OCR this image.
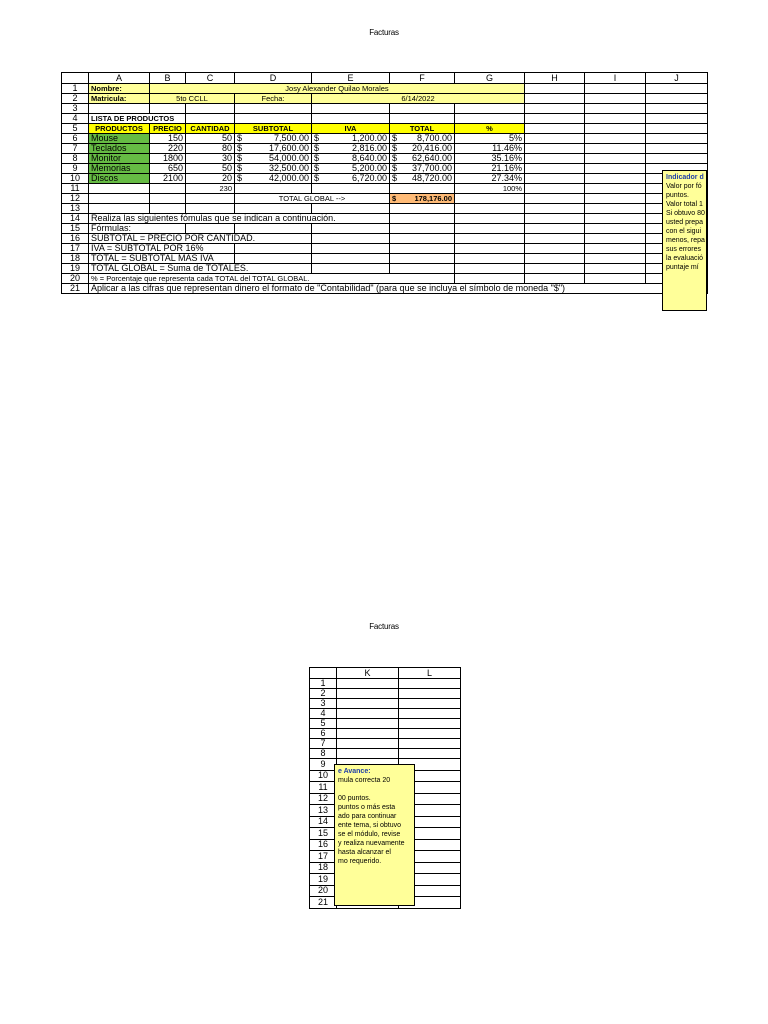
Facturas
	A	B	C	D	E	F	G	H	I	J
1	Nombre:	Josy Alexander Quilao Morales								
2	Matricula:	5to CCLL		Fecha:	6/14/2022					
3										
4	LISTA DE PRODUCTOS									
5	PRODUCTOS	PRECIO	CANTIDAD	SUBTOTAL	IVA	TOTAL	%			
6	Mouse	150	50	$ 7,500.00	$ 1,200.00	$ 8,700.00	5%			
7	Teclados	220	80	$ 17,600.00	$ 2,816.00	$ 20,416.00	11.46%			
8	Monitor	1800	30	$ 54,000.00	$ 8,640.00	$ 62,640.00	35.16%			
9	Memorias	650	50	$ 32,500.00	$ 5,200.00	$ 37,700.00	21.16%			
10	Discos	2100	20	$ 42,000.00	$ 6,720.00	$ 48,720.00	27.34%			
11			230				100%			
12				TOTAL GLOBAL -->		$ 178,176.00				

13										
14	Realiza las siguientes fómulas que se indican a continuación.									
15	Fórmulas:									
16	SUBTOTAL = PRECIO POR CANTIDAD.									
17	IVA = SUBTOTAL POR 16%									
18	TOTAL = SUBTOTAL MAS IVA									
19	TOTAL GLOBAL = Suma de TOTALES.									
20	% = Porcentaje que representa cada TOTAL del TOTAL GLOBAL.									
21	Aplicar a las cifras que representan dinero el formato de "Contabilidad" (para que se incluya el símbolo de moneda "$")									
Indicador d
Valor por fó
puntos.
Valor total 1
Si obtuvo 80
usted prepa
con el sigui
menos, repa
sus errores
la evaluació
puntaje mí
Facturas
	K	L
1		
2		
3		
4		
5		
6		
7		
8		
9		
10		
11		
12		
13		
14		
15		
16		
17		
18		
19		
20		
21		
e Avance:
mula correcta 20

00 puntos.
puntos o más esta
ado para continuar
ente tema, si obtuvo
se el módulo, revise
y realiza nuevamente
hasta alcanzar el
mo requerido.
